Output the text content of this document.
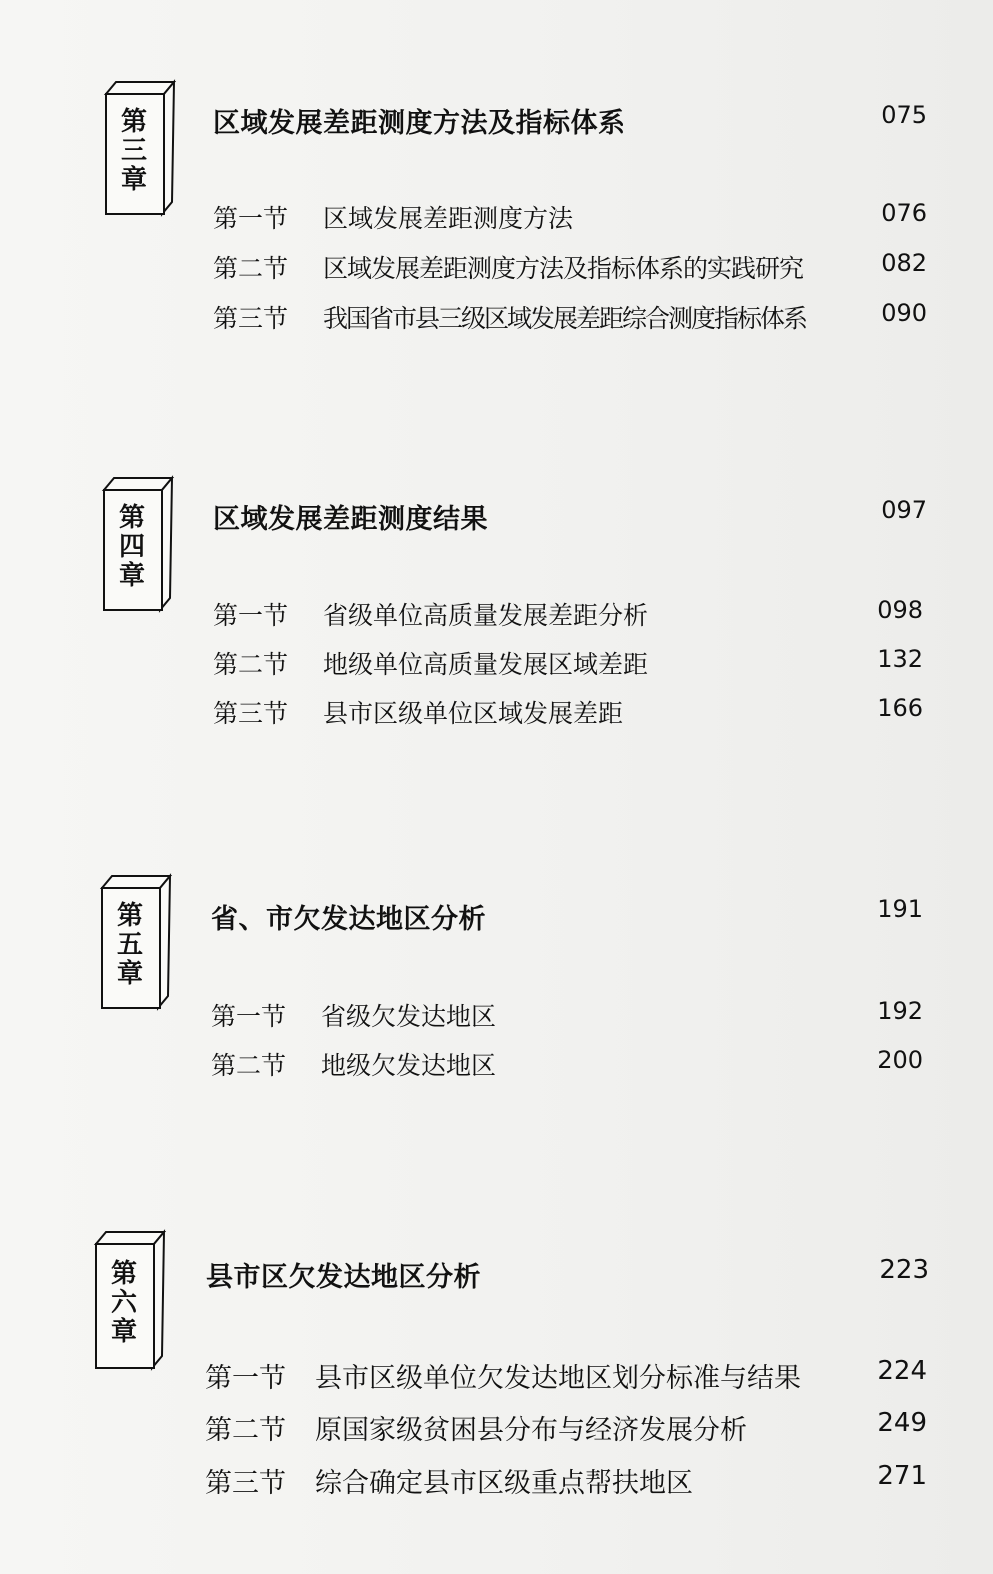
第
三
章
区域发展差距测度方法及指标体系	075
第一节 区域发展差距测度方法	076
第二节 区域发展差距测度方法及指标体系的实践研究	082
第三节 我国省市县三级区域发展差距综合测度指标体系	090
第
四
章
区域发展差距测度结果	097
第一节 省级单位高质量发展差距分析	098
第二节 地级单位高质量发展区域差距	132
第三节 县市区级单位区域发展差距	166
第
五
章
省、市欠发达地区分析	191
第一节 省级欠发达地区	192
第二节 地级欠发达地区	200
第
六
章
县市区欠发达地区分析	223
第一节 县市区级单位欠发达地区划分标准与结果	224
第二节 原国家级贫困县分布与经济发展分析	249
第三节 综合确定县市区级重点帮扶地区	271
